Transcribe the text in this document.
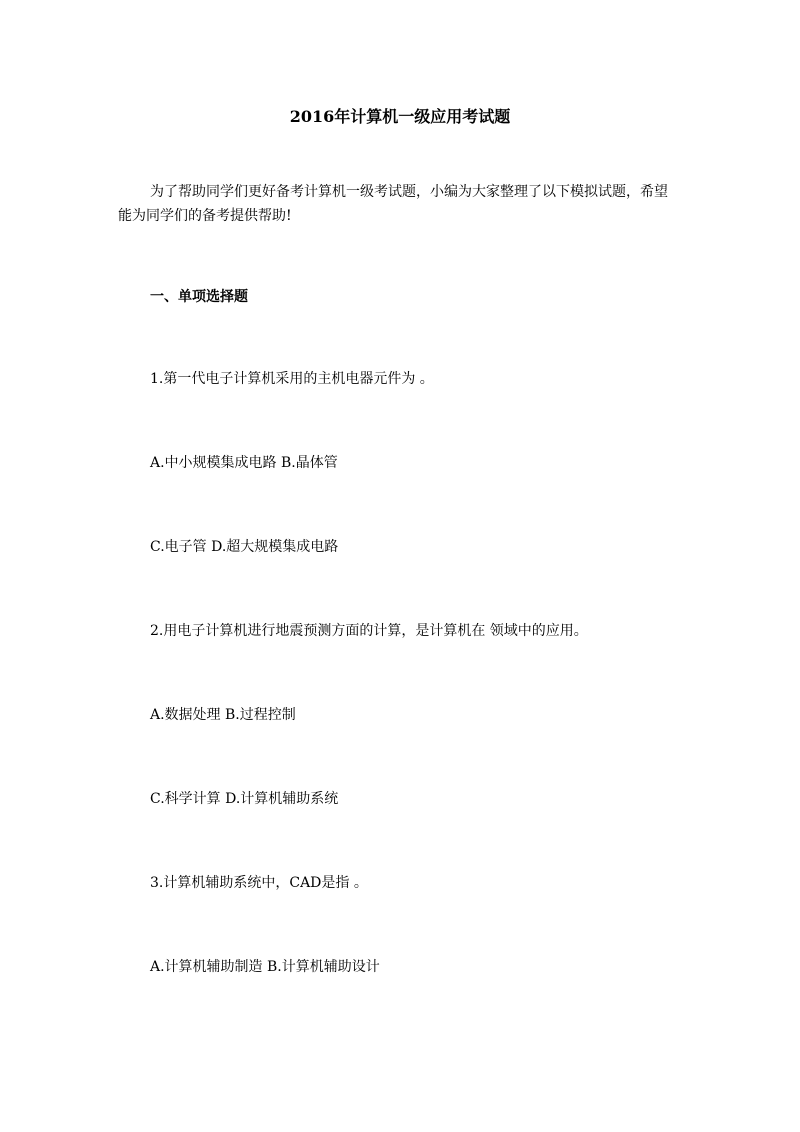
2016年计算机一级应用考试题
为了帮助同学们更好备考计算机一级考试题，小编为大家整理了以下模拟试题，希望能为同学们的备考提供帮助!
一、单项选择题
1.第一代电子计算机采用的主机电器元件为 。
A.中小规模集成电路 B.晶体管
C.电子管 D.超大规模集成电路
2.用电子计算机进行地震预测方面的计算，是计算机在 领域中的应用。
A.数据处理 B.过程控制
C.科学计算 D.计算机辅助系统
3.计算机辅助系统中，CAD是指 。
A.计算机辅助制造 B.计算机辅助设计
